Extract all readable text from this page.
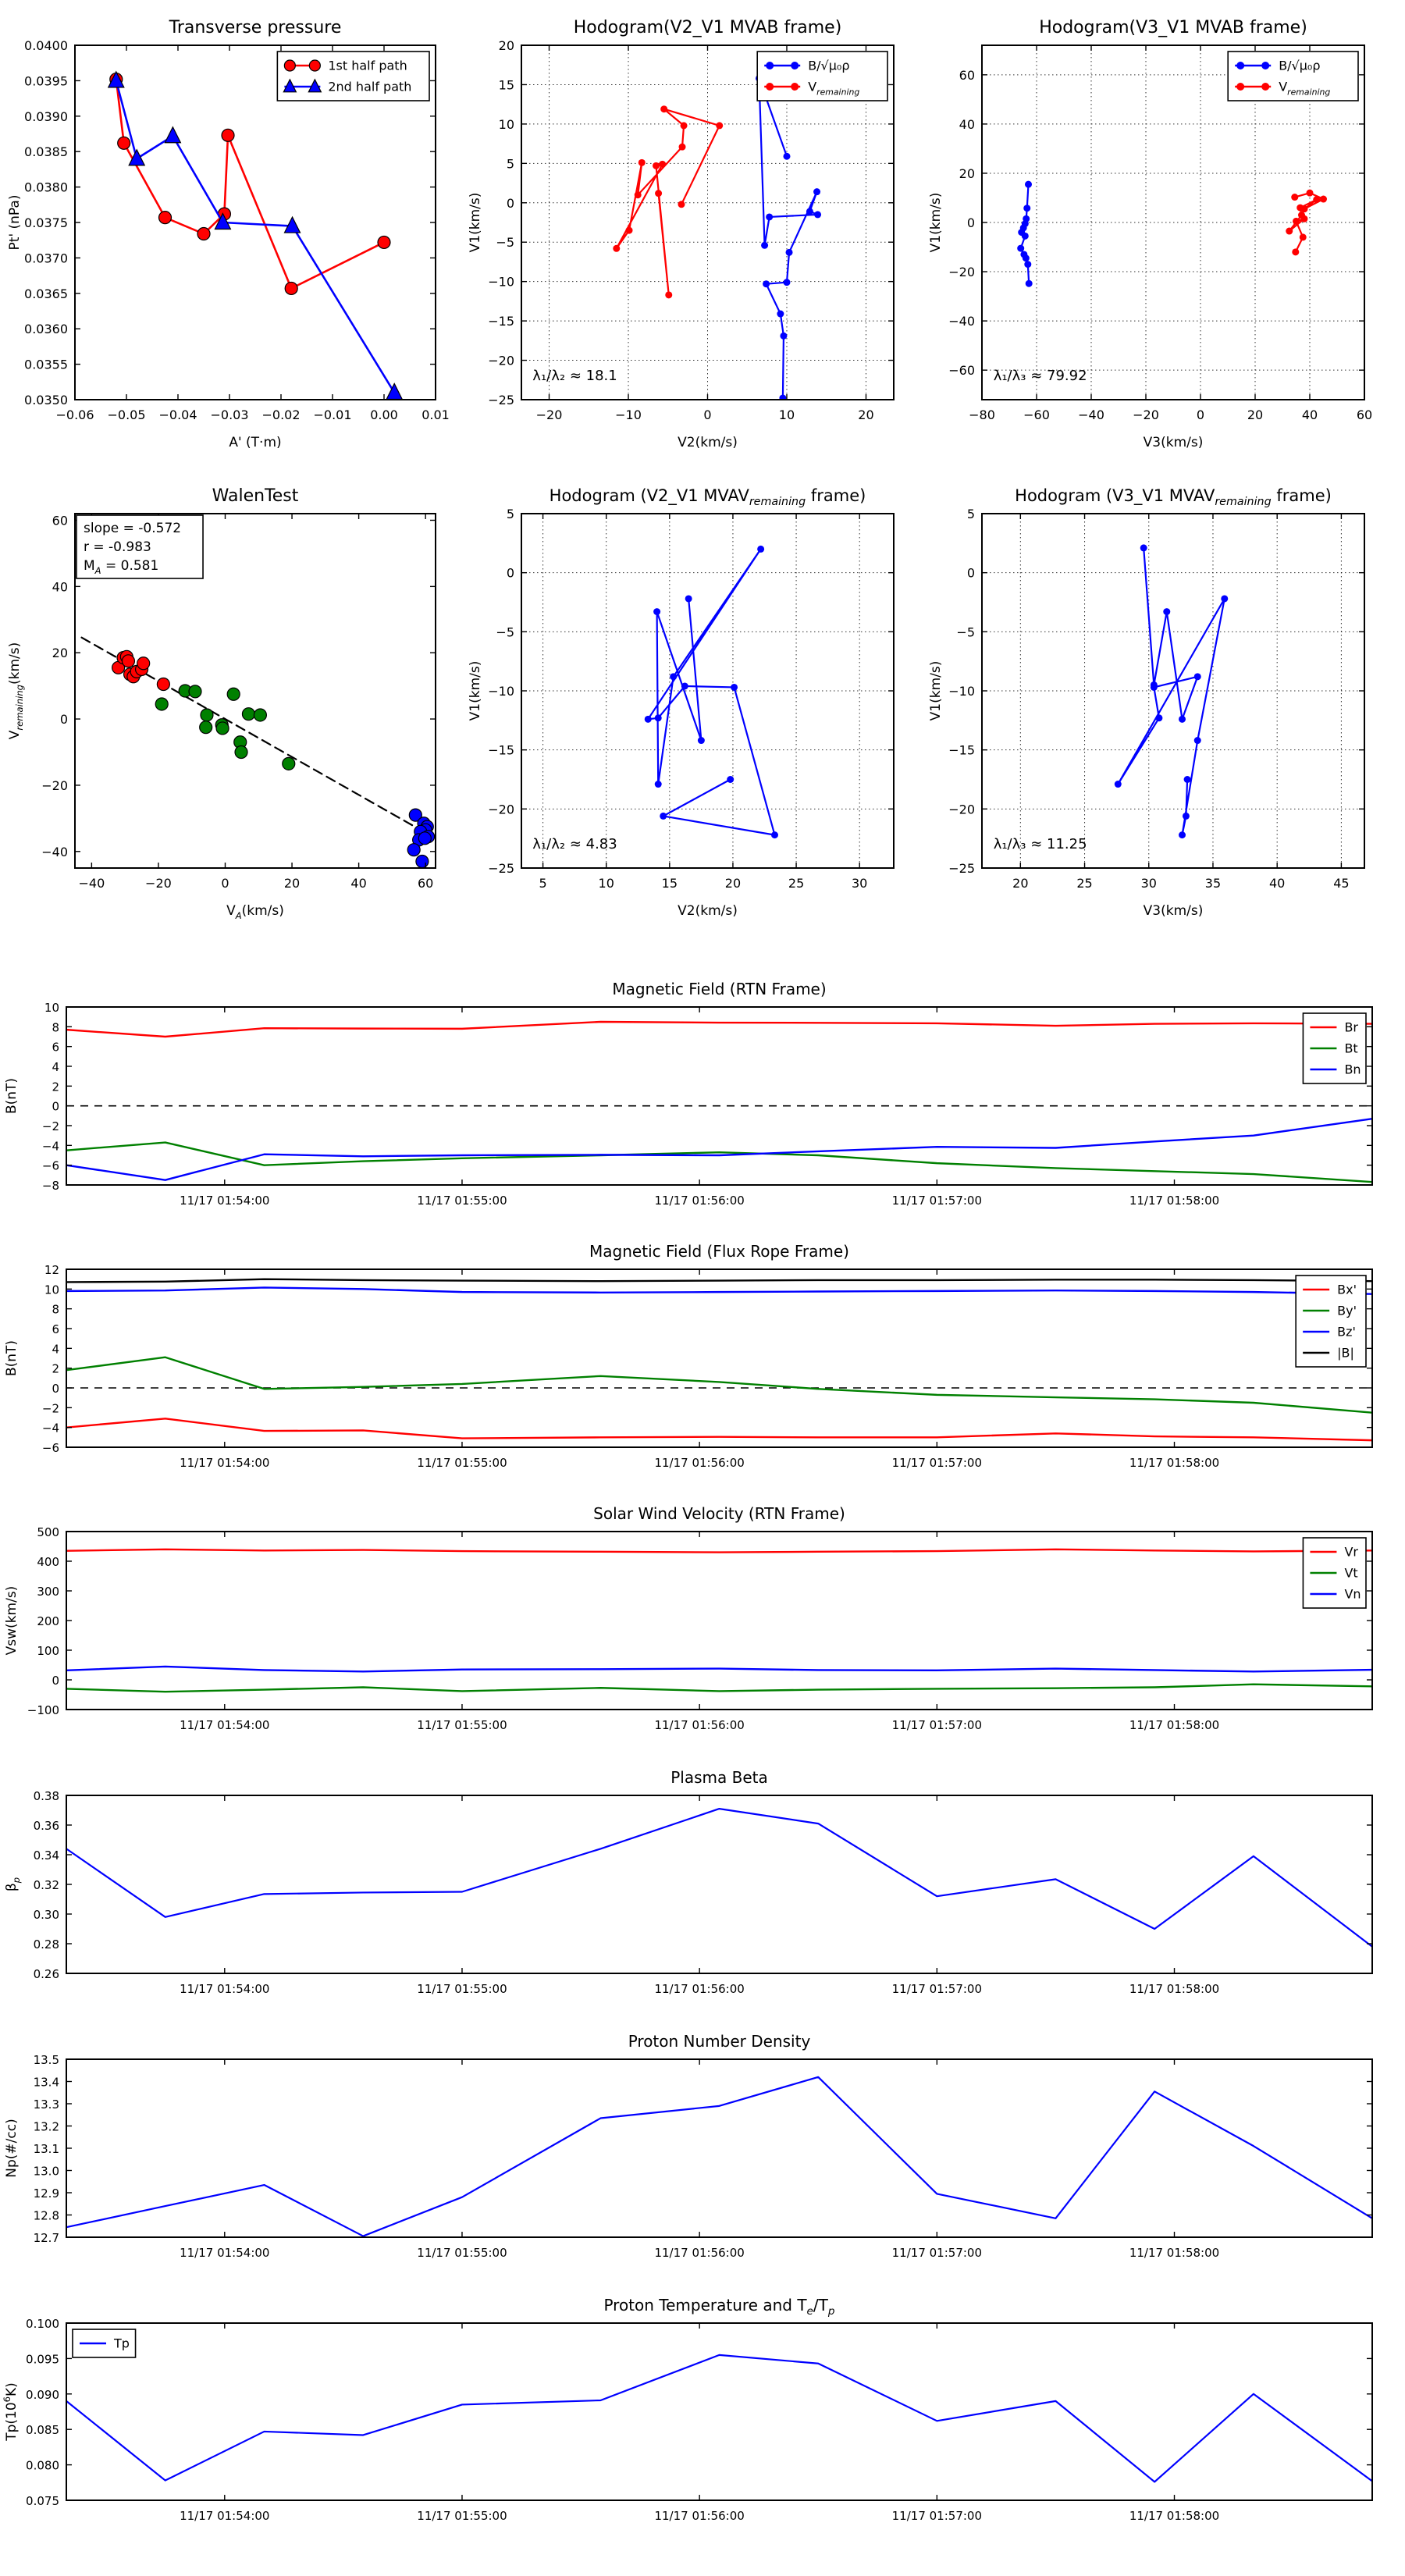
−0.06 −0.05 −0.04 −0.03 −0.02 −0.01 0.00 0.01
0.0350
0.0355
0.0360
0.0365
0.0370
0.0375
0.0380
0.0385
0.0390
0.0395
0.0400
Transverse pressure
A' (T·m)
Pt' (nPa)
1st half path
2nd half path
−20	−10	0	10	20
−25
−20
−15
−10
−5
0
5
10
15
20
Hodogram(V2_V1 MVAB frame)
V2(km/s)
V1(km/s)
B/√μ₀ρ
$V_{remaining}$
λ₁/λ₂ ≈ 18.1
−80 −60 −40 −20	0	20	40	60
−60
−40
−20
0
20
40
60
Hodogram(V3_V1 MVAB frame)
V3(km/s)
V1(km/s)
B/√μ₀ρ
$V_{remaining}$
λ₁/λ₃ ≈ 79.92
−40	−20	0	20	40	60
−40
−20
0
20
40
60
WalenTest
$V_A(km/s)$
$V_{remaining}(km/s)$
slope = -0.572
r = -0.983
$M_A = 0.581$
5	10	15	20	25	30
−25
−20
−15
−10
−5
0
5
Hodogram (V2_V1 $MVAV_{remaining}$ frame)
V2(km/s)
V1(km/s)
λ₁/λ₂ ≈ 4.83
20	25	30	35	40	45
−25
−20
−15
−10
−5
0
5
Hodogram (V3_V1 $MVAV_{remaining}$ frame)
V3(km/s)
V1(km/s)
λ₁/λ₃ ≈ 11.25
11/17 01:54:00	11/17 01:55:00	11/17 01:56:00	11/17 01:57:00	11/17 01:58:00
−8
−6
−4
−2
0
2
4
6
8
10
Magnetic Field (RTN Frame)
B(nT)
Br
Bt
Bn
11/17 01:54:00	11/17 01:55:00	11/17 01:56:00	11/17 01:57:00	11/17 01:58:00
−6
−4
−2
0
2
4
6
8
10
12
Magnetic Field (Flux Rope Frame)
B(nT)
Bx'
By'
Bz'
|B|
11/17 01:54:00	11/17 01:55:00	11/17 01:56:00	11/17 01:57:00	11/17 01:58:00
−100
0
100
200
300
400
500
Solar Wind Velocity (RTN Frame)
Vsw(km/s)
Vr
Vt
Vn
11/17 01:54:00	11/17 01:55:00	11/17 01:56:00	11/17 01:57:00	11/17 01:58:00
0.26
0.28
0.30
0.32
0.34
0.36
0.38
Plasma Beta
$\beta_p$
11/17 01:54:00	11/17 01:55:00	11/17 01:56:00	11/17 01:57:00	11/17 01:58:00
12.7
12.8
12.9
13.0
13.1
13.2
13.3
13.4
13.5
Proton Number Density
Np(#/cc)
11/17 01:54:00	11/17 01:55:00	11/17 01:56:00	11/17 01:57:00	11/17 01:58:00
0.075
0.080
0.085
0.090
0.095
0.100
Proton Temperature and $T_e/T_p$
$Tp(10^6K)$
Tp
